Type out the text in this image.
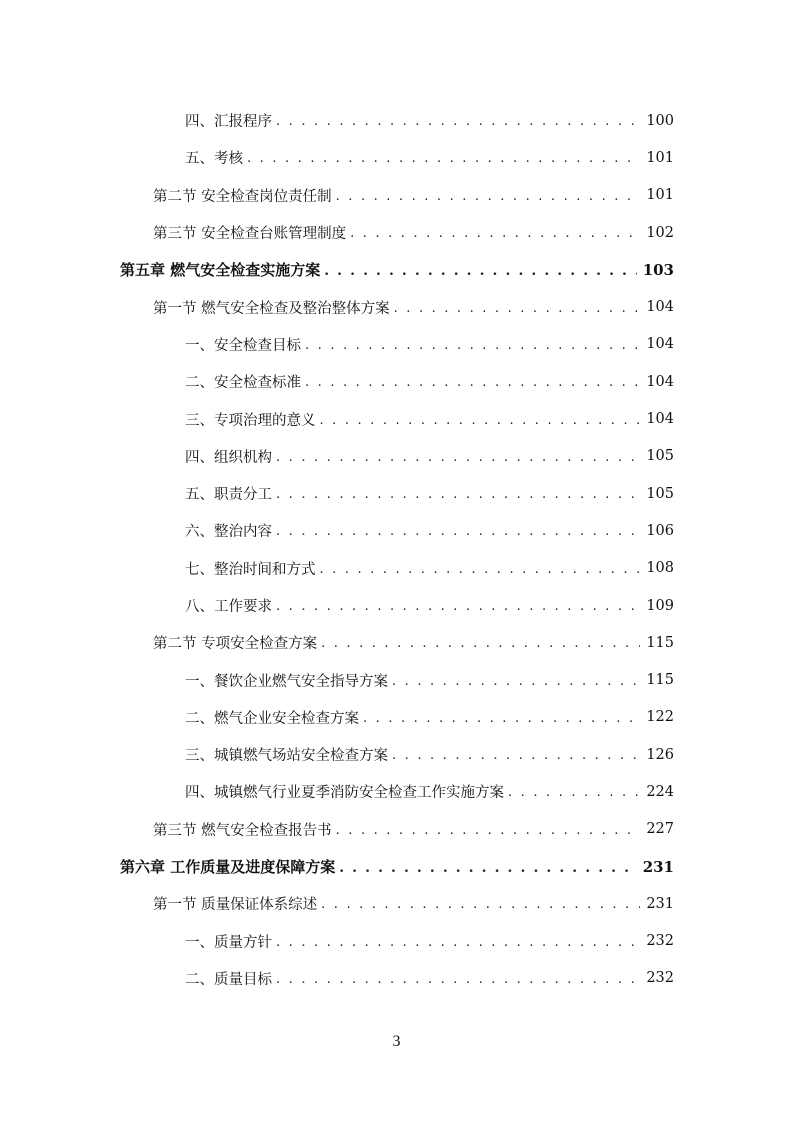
四、汇报程序 . . .	100
五、考核 . . .	101
第二节 安全检查岗位责任制 . . .	101
第三节 安全检查台账管理制度 . . .	102
第五章 燃气安全检查实施方案 . . .	103
第一节 燃气安全检查及整治整体方案 . . .	104
一、安全检查目标 . . .	104
二、安全检查标准 . . .	104
三、专项治理的意义 . . .	104
四、组织机构 . . .	105
五、职责分工 . . .	105
六、整治内容 . . .	106
七、整治时间和方式 . . .	108
八、工作要求 . . .	109
第二节 专项安全检查方案 . . .	115
一、餐饮企业燃气安全指导方案 . . .	115
二、燃气企业安全检查方案 . . .	122
三、城镇燃气场站安全检查方案 . . .	126
四、城镇燃气行业夏季消防安全检查工作实施方案 . . .	224
第三节 燃气安全检查报告书 . . .	227
第六章 工作质量及进度保障方案 . . .	231
第一节 质量保证体系综述 . . .	231
一、质量方针 . . .	232
二、质量目标 . . .	232
3
